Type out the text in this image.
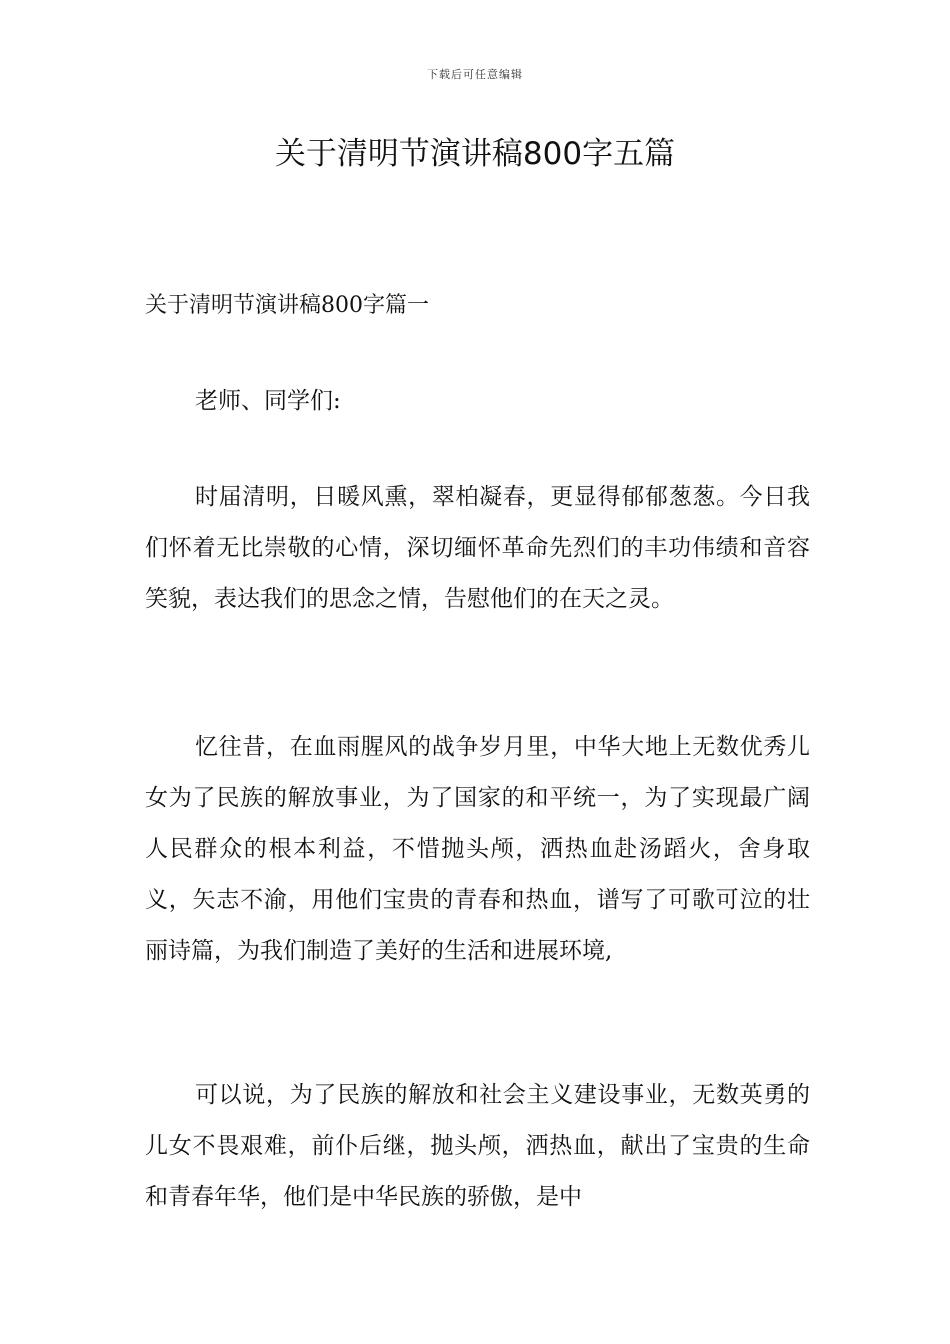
下载后可任意编辑
关于清明节演讲稿800字五篇

关于清明节演讲稿800字篇一

老师、同学们:

时届清明，日暖风熏，翠柏凝春，更显得郁郁葱葱。今日我们怀着无比崇敬的心情，深切缅怀革命先烈们的丰功伟绩和音容笑貌，表达我们的思念之情，告慰他们的在天之灵。

忆往昔，在血雨腥风的战争岁月里，中华大地上无数优秀儿女为了民族的解放事业，为了国家的和平统一，为了实现最广阔人民群众的根本利益，不惜抛头颅，洒热血赴汤蹈火，舍身取义，矢志不渝，用他们宝贵的青春和热血，谱写了可歌可泣的壮丽诗篇，为我们制造了美好的生活和进展环境,

可以说，为了民族的解放和社会主义建设事业，无数英勇的儿女不畏艰难，前仆后继，抛头颅，洒热血，献出了宝贵的生命和青春年华，他们是中华民族的骄傲，是中
